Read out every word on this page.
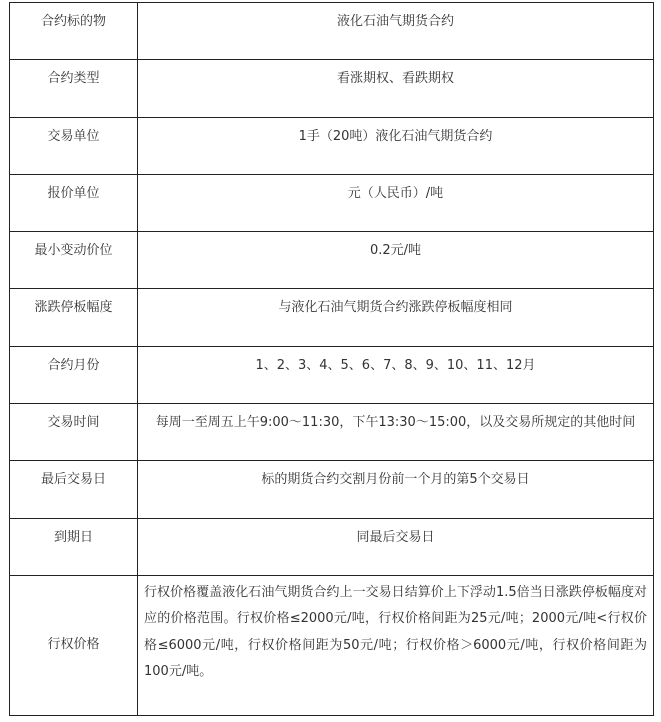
合约标的物	液化石油气期货合约
合约类型	看涨期权、看跌期权
交易单位	1手（20吨）液化石油气期货合约
报价单位	元（人民币）/吨
最小变动价位	0.2元/吨
涨跌停板幅度	与液化石油气期货合约涨跌停板幅度相同
合约月份	1、2、3、4、5、6、7、8、9、10、11、12月
交易时间	每周一至周五上午9:00～11:30，下午13:30～15:00，以及交易所规定的其他时间
最后交易日	标的期货合约交割月份前一个月的第5个交易日
到期日	同最后交易日
行权价格	行权价格覆盖液化石油气期货合约上一交易日结算价上下浮动1.5倍当日涨跌停板幅度对应的价格范围。行权价格≤2000元/吨，行权价格间距为25元/吨；2000元/吨<行权价格≤6000元/吨，行权价格间距为50元/吨；行权价格＞6000元/吨，行权价格间距为100元/吨。
